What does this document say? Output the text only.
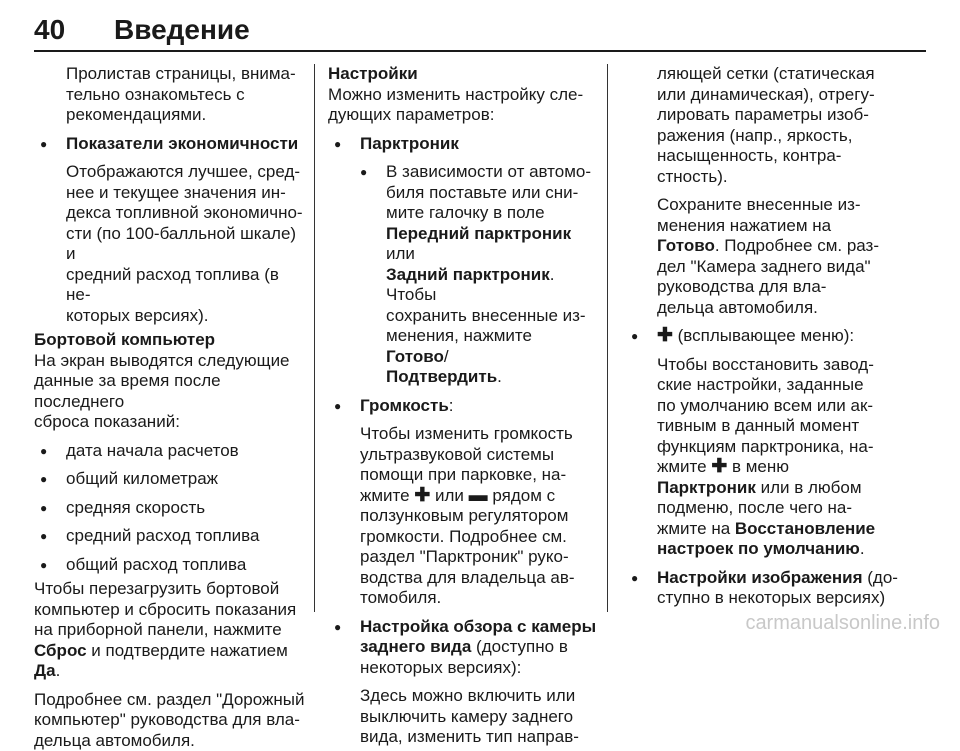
40 Введение

Пролистав страницы, внима-
тельно ознакомьтесь с
рекомендациями.

● Показатели экономичности

Отображаются лучшее, сред-
нее и текущее значения ин-
декса топливной экономично-
сти (по 100-балльной шкале) и
средний расход топлива (в не-
которых версиях).

Бортовой компьютер

На экран выводятся следующие
данные за время после последнего
сброса показаний:

● дата начала расчетов

● общий километраж

● средняя скорость

● средний расход топлива

● общий расход топлива

Чтобы перезагрузить бортовой
компьютер и сбросить показания
на приборной панели, нажмите
Сброс и подтвердите нажатием Да.

Подробнее см. раздел "Дорожный
компьютер" руководства для вла-
дельца автомобиля.

Настройки

Можно изменить настройку сле-
дующих параметров:

● Парктроник

● В зависимости от автомо-
биля поставьте или сни-
мите галочку в поле
Передний парктроник или
Задний парктроник. Чтобы
сохранить внесенные из-
менения, нажмите Готово/
Подтвердить.

● Громкость:

Чтобы изменить громкость
ультразвуковой системы
помощи при парковке, на-
жмите ✚ или ▬ рядом с
ползунковым регулятором
громкости. Подробнее см.
раздел "Парктроник" руко-
водства для владельца ав-
томобиля.

● Настройка обзора с камеры
заднего вида (доступно в
некоторых версиях):

Здесь можно включить или
выключить камеру заднего
вида, изменить тип направ-

ляющей сетки (статическая
или динамическая), отрегу-
лировать параметры изоб-
ражения (напр., яркость,
насыщенность, контра-
стность).

Сохраните внесенные из-
менения нажатием на
Готово. Подробнее см. раз-
дел "Камера заднего вида"
руководства для вла-
дельца автомобиля.

● ✚ (всплывающее меню):

Чтобы восстановить завод-
ские настройки, заданные
по умолчанию всем или ак-
тивным в данный момент
функциям парктроника, на-
жмите ✚ в меню
Парктроник или в любом
подменю, после чего на-
жмите на Восстановление
настроек по умолчанию.

● Настройки изображения (до-
ступно в некоторых версиях)

carmanualsonline.info
